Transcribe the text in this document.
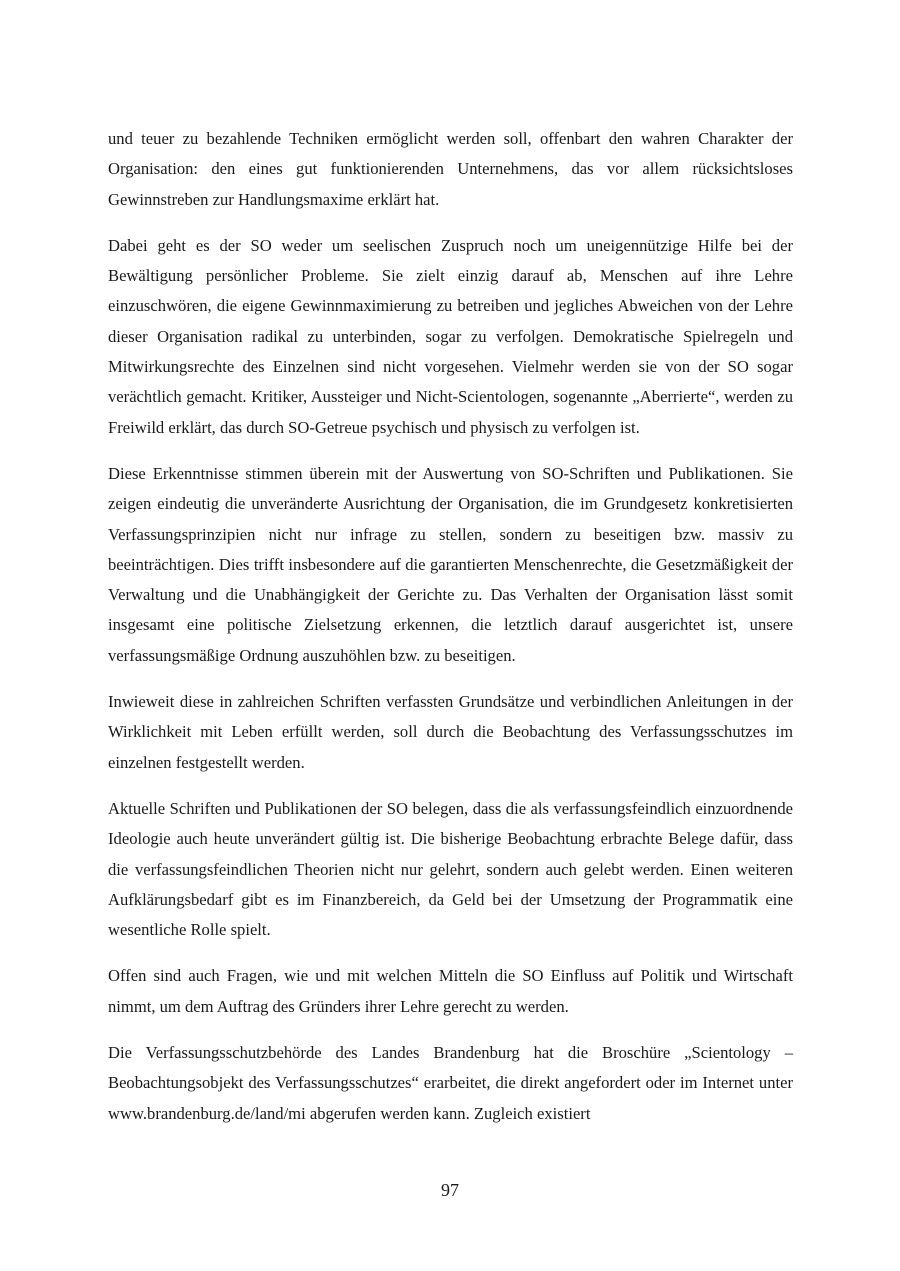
und teuer zu bezahlende Techniken ermöglicht werden soll, offenbart den wahren Charakter der Organisation: den eines gut funktionierenden Unternehmens, das vor allem rücksichtsloses Gewinnstreben zur Handlungsmaxime erklärt hat.

Dabei geht es der SO weder um seelischen Zuspruch noch um uneigennützige Hilfe bei der Bewältigung persönlicher Probleme. Sie zielt einzig darauf ab, Menschen auf ihre Lehre einzuschwören, die eigene Gewinnmaximierung zu betreiben und jegliches Abweichen von der Lehre dieser Organisation radikal zu unterbinden, sogar zu verfolgen. Demokratische Spielregeln und Mitwirkungsrechte des Einzelnen sind nicht vorgesehen. Vielmehr werden sie von der SO sogar verächtlich gemacht. Kritiker, Aussteiger und Nicht-Scientologen, sogenannte „Aberrierte“, werden zu Freiwild erklärt, das durch SO-Getreue psychisch und physisch zu verfolgen ist.

Diese Erkenntnisse stimmen überein mit der Auswertung von SO-Schriften und Publikationen. Sie zeigen eindeutig die unveränderte Ausrichtung der Organisation, die im Grundgesetz konkretisierten Verfassungsprinzipien nicht nur infrage zu stellen, sondern zu beseitigen bzw. massiv zu beeinträchtigen. Dies trifft insbesondere auf die garantierten Menschenrechte, die Gesetzmäßigkeit der Verwaltung und die Unabhängigkeit der Gerichte zu. Das Verhalten der Organisation lässt somit insgesamt eine politische Zielsetzung erkennen, die letztlich darauf ausgerichtet ist, unsere verfassungsmäßige Ordnung auszuhöhlen bzw. zu beseitigen.

Inwieweit diese in zahlreichen Schriften verfassten Grundsätze und verbindlichen Anleitungen in der Wirklichkeit mit Leben erfüllt werden, soll durch die Beobachtung des Verfassungsschutzes im einzelnen festgestellt werden.

Aktuelle Schriften und Publikationen der SO belegen, dass die als verfassungsfeindlich einzuordnende Ideologie auch heute unverändert gültig ist. Die bisherige Beobachtung erbrachte Belege dafür, dass die verfassungsfeindlichen Theorien nicht nur gelehrt, sondern auch gelebt werden. Einen weiteren Aufklärungsbedarf gibt es im Finanzbereich, da Geld bei der Umsetzung der Programmatik eine wesentliche Rolle spielt.

Offen sind auch Fragen, wie und mit welchen Mitteln die SO Einfluss auf Politik und Wirtschaft nimmt, um dem Auftrag des Gründers ihrer Lehre gerecht zu werden.

Die Verfassungsschutzbehörde des Landes Brandenburg hat die Broschüre „Scientology – Beobachtungsobjekt des Verfassungsschutzes“ erarbeitet, die direkt angefordert oder im Internet unter www.brandenburg.de/land/mi abgerufen werden kann. Zugleich existiert

97
